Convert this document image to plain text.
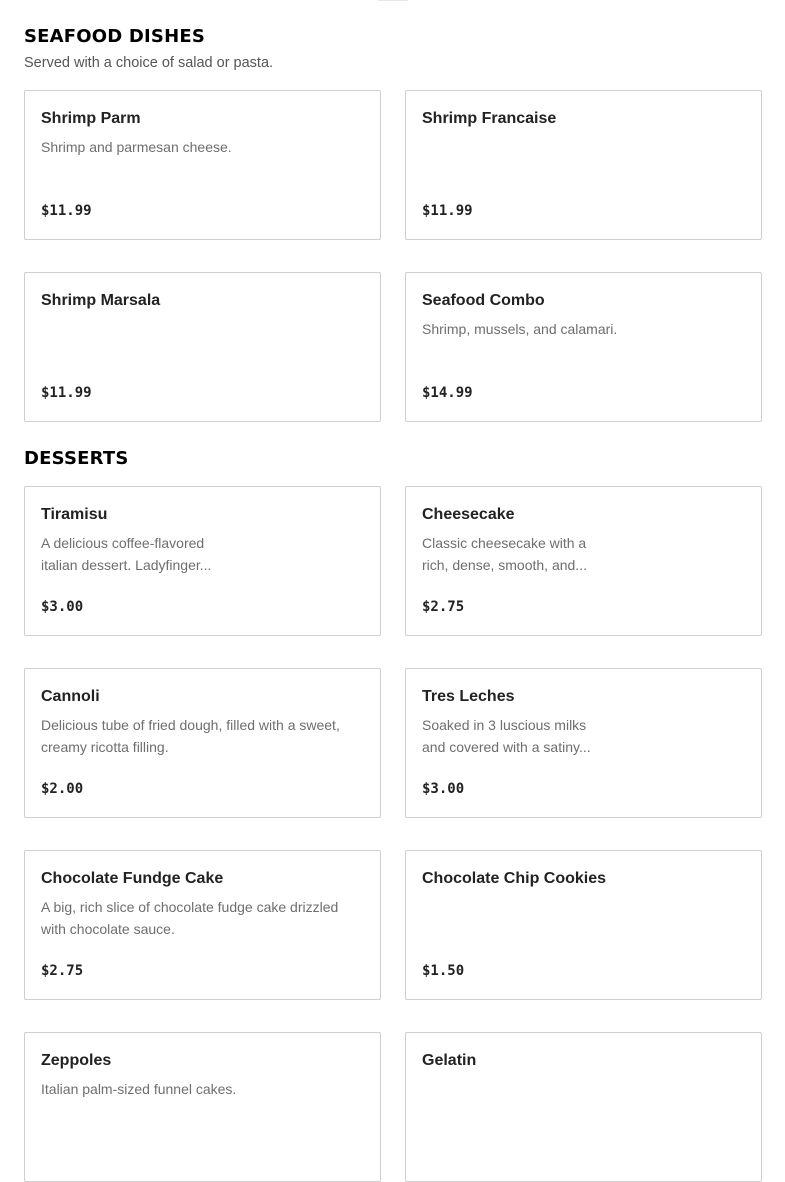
SEAFOOD DISHES

Served with a choice of salad or pasta.

Shrimp Parm
Shrimp and parmesan cheese.
$11.99
Shrimp Francaise
$11.99
Shrimp Marsala
$11.99
Seafood Combo
Shrimp, mussels, and calamari.
$14.99
DESSERTS
Tiramisu
A delicious coffee-flavored italian dessert. Ladyfinger...
$3.00
Cheesecake
Classic cheesecake with a rich, dense, smooth, and...
$2.75
Cannoli
Delicious tube of fried dough, filled with a sweet, creamy ricotta filling.
$2.00
Tres Leches
Soaked in 3 luscious milks and covered with a satiny...
$3.00
Chocolate Fundge Cake
A big, rich slice of chocolate fudge cake drizzled with chocolate sauce.
$2.75
Chocolate Chip Cookies
$1.50
Zeppoles
Italian palm-sized funnel cakes.
Gelatin
